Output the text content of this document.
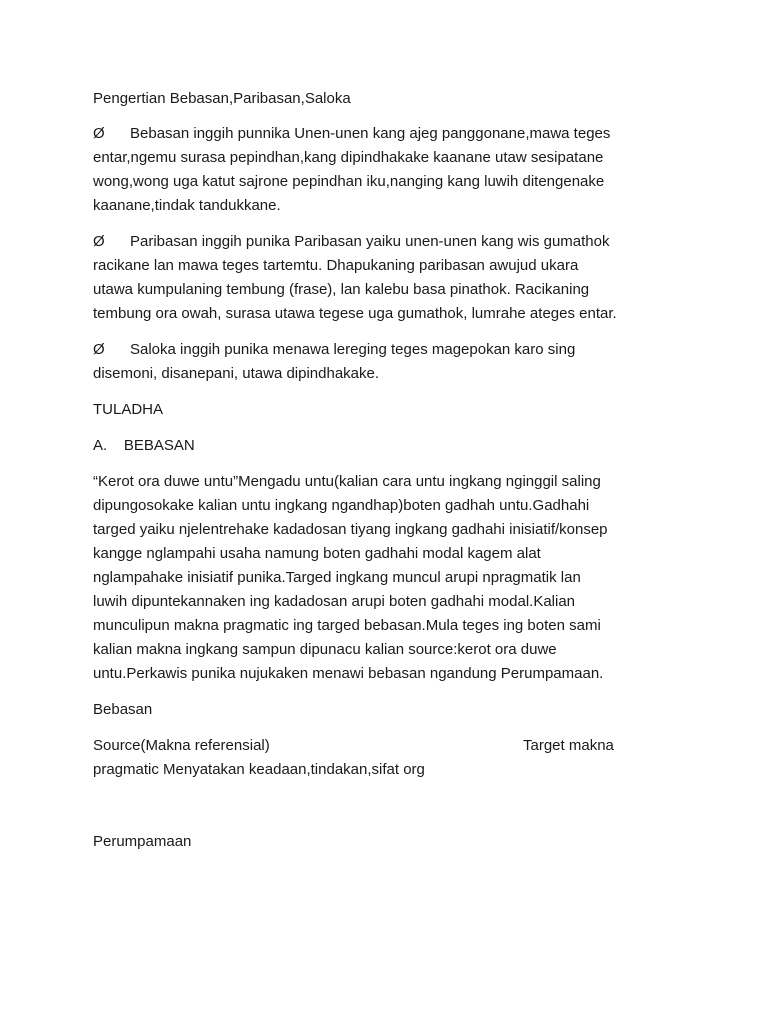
Pengertian Bebasan,Paribasan,Saloka
Ø Bebasan inggih punnika Unen-unen kang ajeg panggonane,mawa teges
entar,ngemu surasa pepindhan,kang dipindhakake kaanane utaw sesipatane
wong,wong uga katut sajrone pepindhan iku,nanging kang luwih ditengenake
kaanane,tindak tandukkane.
Ø Paribasan inggih punika Paribasan yaiku unen-unen kang wis gumathok
racikane lan mawa teges tartemtu. Dhapukaning paribasan awujud ukara
utawa kumpulaning tembung (frase), lan kalebu basa pinathok. Racikaning
tembung ora owah, surasa utawa tegese uga gumathok, lumrahe ateges entar.
Ø Saloka inggih punika menawa lereging teges magepokan karo sing
disemoni, disanepani, utawa dipindhakake.
TULADHA
A.    BEBASAN
“Kerot ora duwe untu”Mengadu untu(kalian cara untu ingkang nginggil saling
dipungosokake kalian untu ingkang ngandhap)boten gadhah untu.Gadhahi
targed yaiku njelentrehake kadadosan tiyang ingkang gadhahi inisiatif/konsep
kangge nglampahi usaha namung boten gadhahi modal kagem alat
nglampahake inisiatif punika.Targed ingkang muncul arupi npragmatik lan
luwih dipuntekannaken ing kadadosan arupi boten gadhahi modal.Kalian
munculipun makna pragmatic ing targed bebasan.Mula teges ing boten sami
kalian makna ingkang sampun dipunacu kalian source:kerot ora duwe
untu.Perkawis punika nujukaken menawi bebasan ngandung Perumpamaan.
Bebasan
Source(Makna referensial)	Target makna
pragmatic Menyatakan keadaan,tindakan,sifat org
Perumpamaan
